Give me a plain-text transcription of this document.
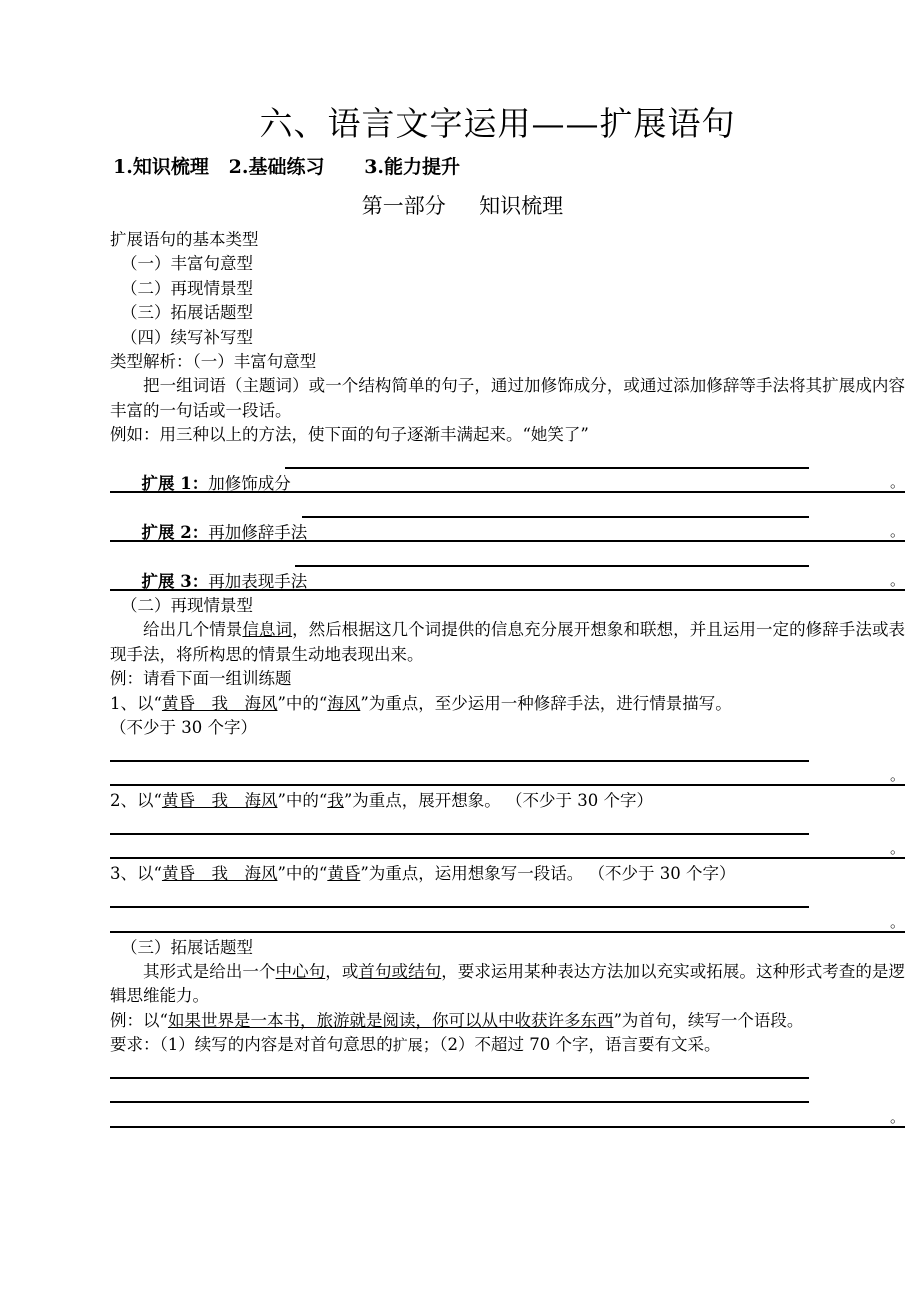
六、语言文字运用——扩展语句
1.知识梳理   2.基础练习      3.能力提升
第一部分     知识梳理
扩展语句的基本类型
（一）丰富句意型
（二）再现情景型
（三）拓展话题型
（四）续写补写型
类型解析：（一）丰富句意型
把一组词语（主题词）或一个结构简单的句子，通过加修饰成分，或通过添加修辞等手法将其扩展成内容丰富的一句话或一段话。
例如：用三种以上的方法，使下面的句子逐渐丰满起来。“她笑了”

扩展 1：加修饰成分

	。

扩展 2：再加修辞手法

	。

扩展 3：再加表现手法

	。
（二）再现情景型
给出几个情景信息词，然后根据这几个词提供的信息充分展开想象和联想，并且运用一定的修辞手法或表现手法，将所构思的情景生动地表现出来。
例：请看下面一组训练题
1、以“黄昏　我　海风”中的“海风”为重点，至少运用一种修辞手法，进行情景描写。
（不少于 30 个字）
。
2、以“黄昏　我　海风”中的“我”为重点，展开想象。 （不少于 30 个字）
。
3、以“黄昏　我　海风”中的“黄昏”为重点，运用想象写一段话。 （不少于 30 个字）
。
（三）拓展话题型
其形式是给出一个中心句，或首句或结句，要求运用某种表达方法加以充实或拓展。这种形式考查的是逻辑思维能力。
例：以“如果世界是一本书，旅游就是阅读，你可以从中收获许多东西”为首句，续写一个语段。
要求：（1）续写的内容是对首句意思的扩展；（2）不超过 70 个字，语言要有文采。
。
